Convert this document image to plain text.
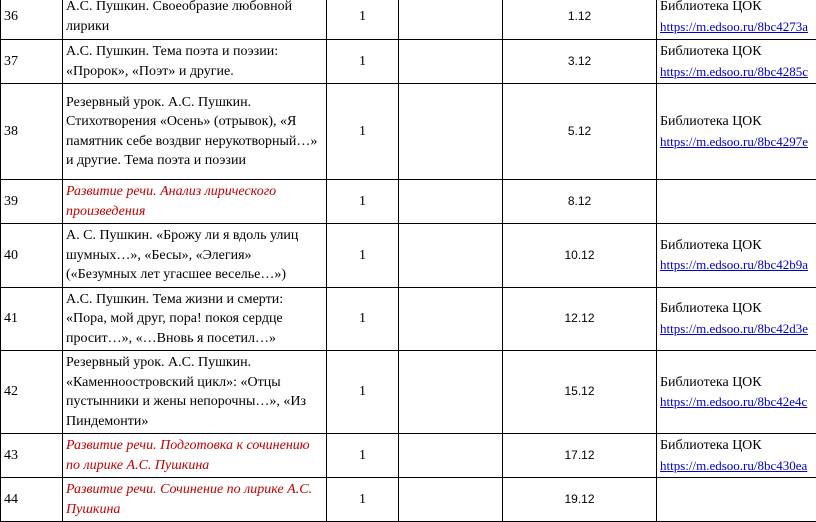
36	А.С. Пушкин. Своеобразие любовной лирики	1		1.12	Библиотека ЦОК
https://m.edsoo.ru/8bc4273a

37	А.С. Пушкин. Тема поэта и поэзии: «Пророк», «Поэт» и другие.	1		3.12	Библиотека ЦОК
https://m.edsoo.ru/8bc4285c

38	Резервный урок. А.С. Пушкин. Стихотворения «Осень» (отрывок), «Я памятник себе воздвиг нерукотворный…» и другие. Тема поэта и поэзии	1		5.12	Библиотека ЦОК
https://m.edsoo.ru/8bc4297e

39	Развитие речи. Анализ лирического произведения	1		8.12	
40	А. С. Пушкин. «Брожу ли я вдоль улиц шумных…», «Бесы», «Элегия» («Безумных лет угасшее веселье…»)	1		10.12	Библиотека ЦОК
https://m.edsoo.ru/8bc42b9a

41	А.С. Пушкин. Тема жизни и смерти: «Пора, мой друг, пора! покоя сердце просит…», «…Вновь я посетил…»	1		12.12	Библиотека ЦОК
https://m.edsoo.ru/8bc42d3e

42	Резервный урок. А.С. Пушкин. «Каменноостровский цикл»: «Отцы пустынники и жены непорочны…», «Из Пиндемонти»	1		15.12	Библиотека ЦОК
https://m.edsoo.ru/8bc42e4c

43	Развитие речи. Подготовка к сочинению по лирике А.С. Пушкина	1		17.12	Библиотека ЦОК
https://m.edsoo.ru/8bc430ea

44	Развитие речи. Сочинение по лирике А.С. Пушкина	1		19.12	
